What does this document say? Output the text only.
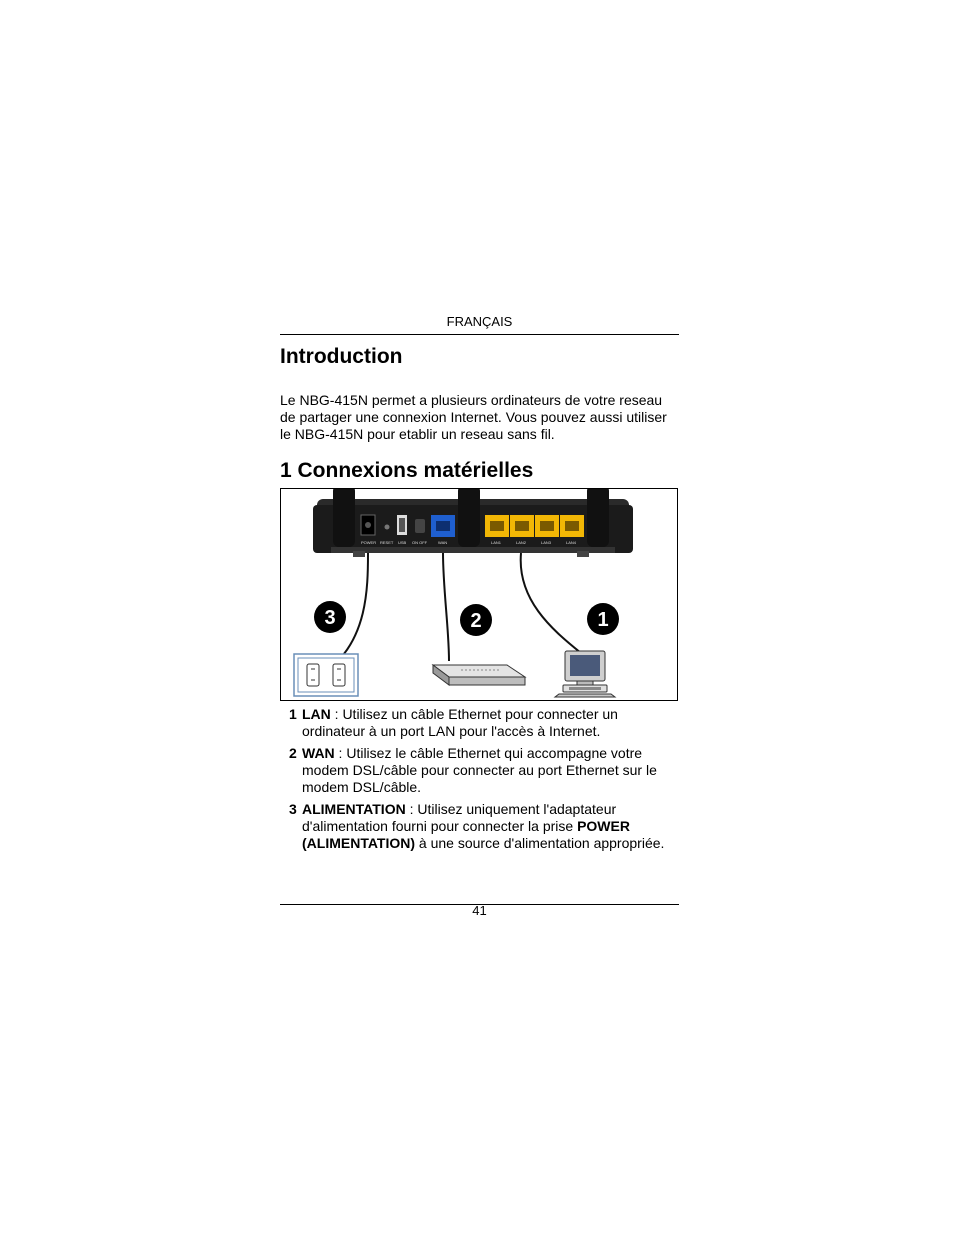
FRANÇAIS
Introduction

Le NBG-415N permet a plusieurs ordinateurs de votre reseau de partager une connexion Internet. Vous pouvez aussi utiliser le NBG-415N pour etablir un reseau sans fil.

1 Connexions matérielles
POWER RESET USB ON OFF	WAN	LAN1	LAN2	LAN3	LAN4
3	2	1
1 LAN : Utilisez un câble Ethernet pour connecter un ordinateur à un port LAN pour l'accès à Internet.
2 WAN : Utilisez le câble Ethernet qui accompagne votre modem DSL/câble pour connecter au port Ethernet sur le modem DSL/câble.
3 ALIMENTATION : Utilisez uniquement l'adaptateur d'alimentation fourni pour connecter la prise POWER (ALIMENTATION) à une source d'alimentation appropriée.
41
